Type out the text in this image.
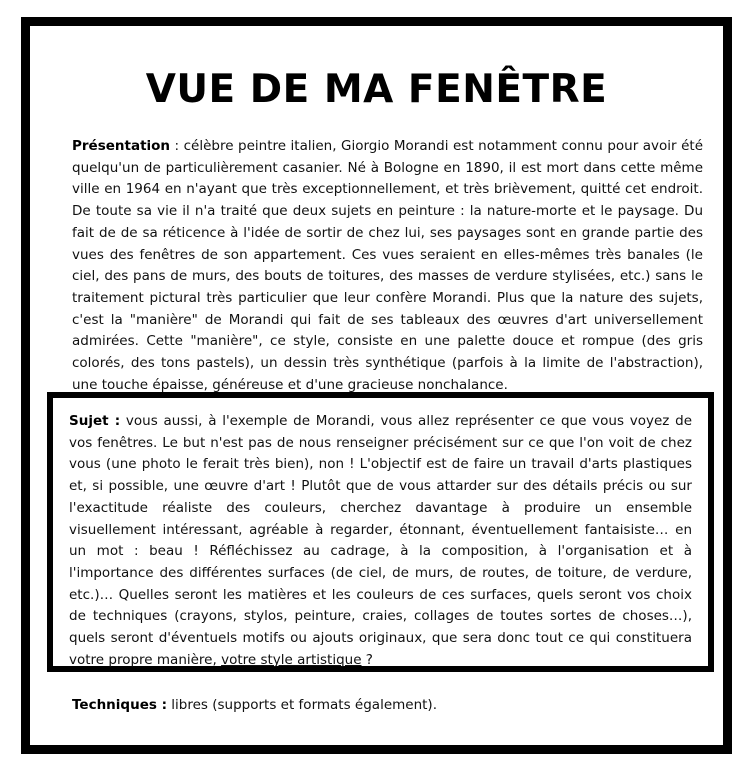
VUE DE MA FENÊTRE

Présentation : célèbre peintre italien, Giorgio Morandi est notamment connu pour avoir été quelqu'un de particulièrement casanier. Né à Bologne en 1890, il est mort dans cette même ville en 1964 en n'ayant que très exceptionnellement, et très brièvement, quitté cet endroit. De toute sa vie il n'a traité que deux sujets en peinture : la nature-morte et le paysage. Du fait de de sa réticence à l'idée de sortir de chez lui, ses paysages sont en grande partie des vues des fenêtres de son appartement. Ces vues seraient en elles-mêmes très banales (le ciel, des pans de murs, des bouts de toitures, des masses de verdure stylisées, etc.) sans le traitement pictural très particulier que leur confère Morandi. Plus que la nature des sujets, c'est la "manière" de Morandi qui fait de ses tableaux des œuvres d'art universellement admirées. Cette "manière", ce style, consiste en une palette douce et rompue (des gris colorés, des tons pastels), un dessin très synthétique (parfois à la limite de l'abstraction), une touche épaisse, généreuse et d'une gracieuse nonchalance.

Sujet : vous aussi, à l'exemple de Morandi, vous allez représenter ce que vous voyez de vos fenêtres. Le but n'est pas de nous renseigner précisément sur ce que l'on voit de chez vous (une photo le ferait très bien), non ! L'objectif est de faire un travail d'arts plastiques et, si possible, une œuvre d'art ! Plutôt que de vous attarder sur des détails précis ou sur l'exactitude réaliste des couleurs, cherchez davantage à produire un ensemble visuellement intéressant, agréable à regarder, étonnant, éventuellement fantaisiste… en un mot : beau ! Réfléchissez au cadrage, à la composition, à l'organisation et à l'importance des différentes surfaces (de ciel, de murs, de routes, de toiture, de verdure, etc.)… Quelles seront les matières et les couleurs de ces surfaces, quels seront vos choix de techniques (crayons, stylos, peinture, craies, collages de toutes sortes de choses…), quels seront d'éventuels motifs ou ajouts originaux, que sera donc tout ce qui constituera votre propre manière, votre style artistique ?

Techniques : libres (supports et formats également).
